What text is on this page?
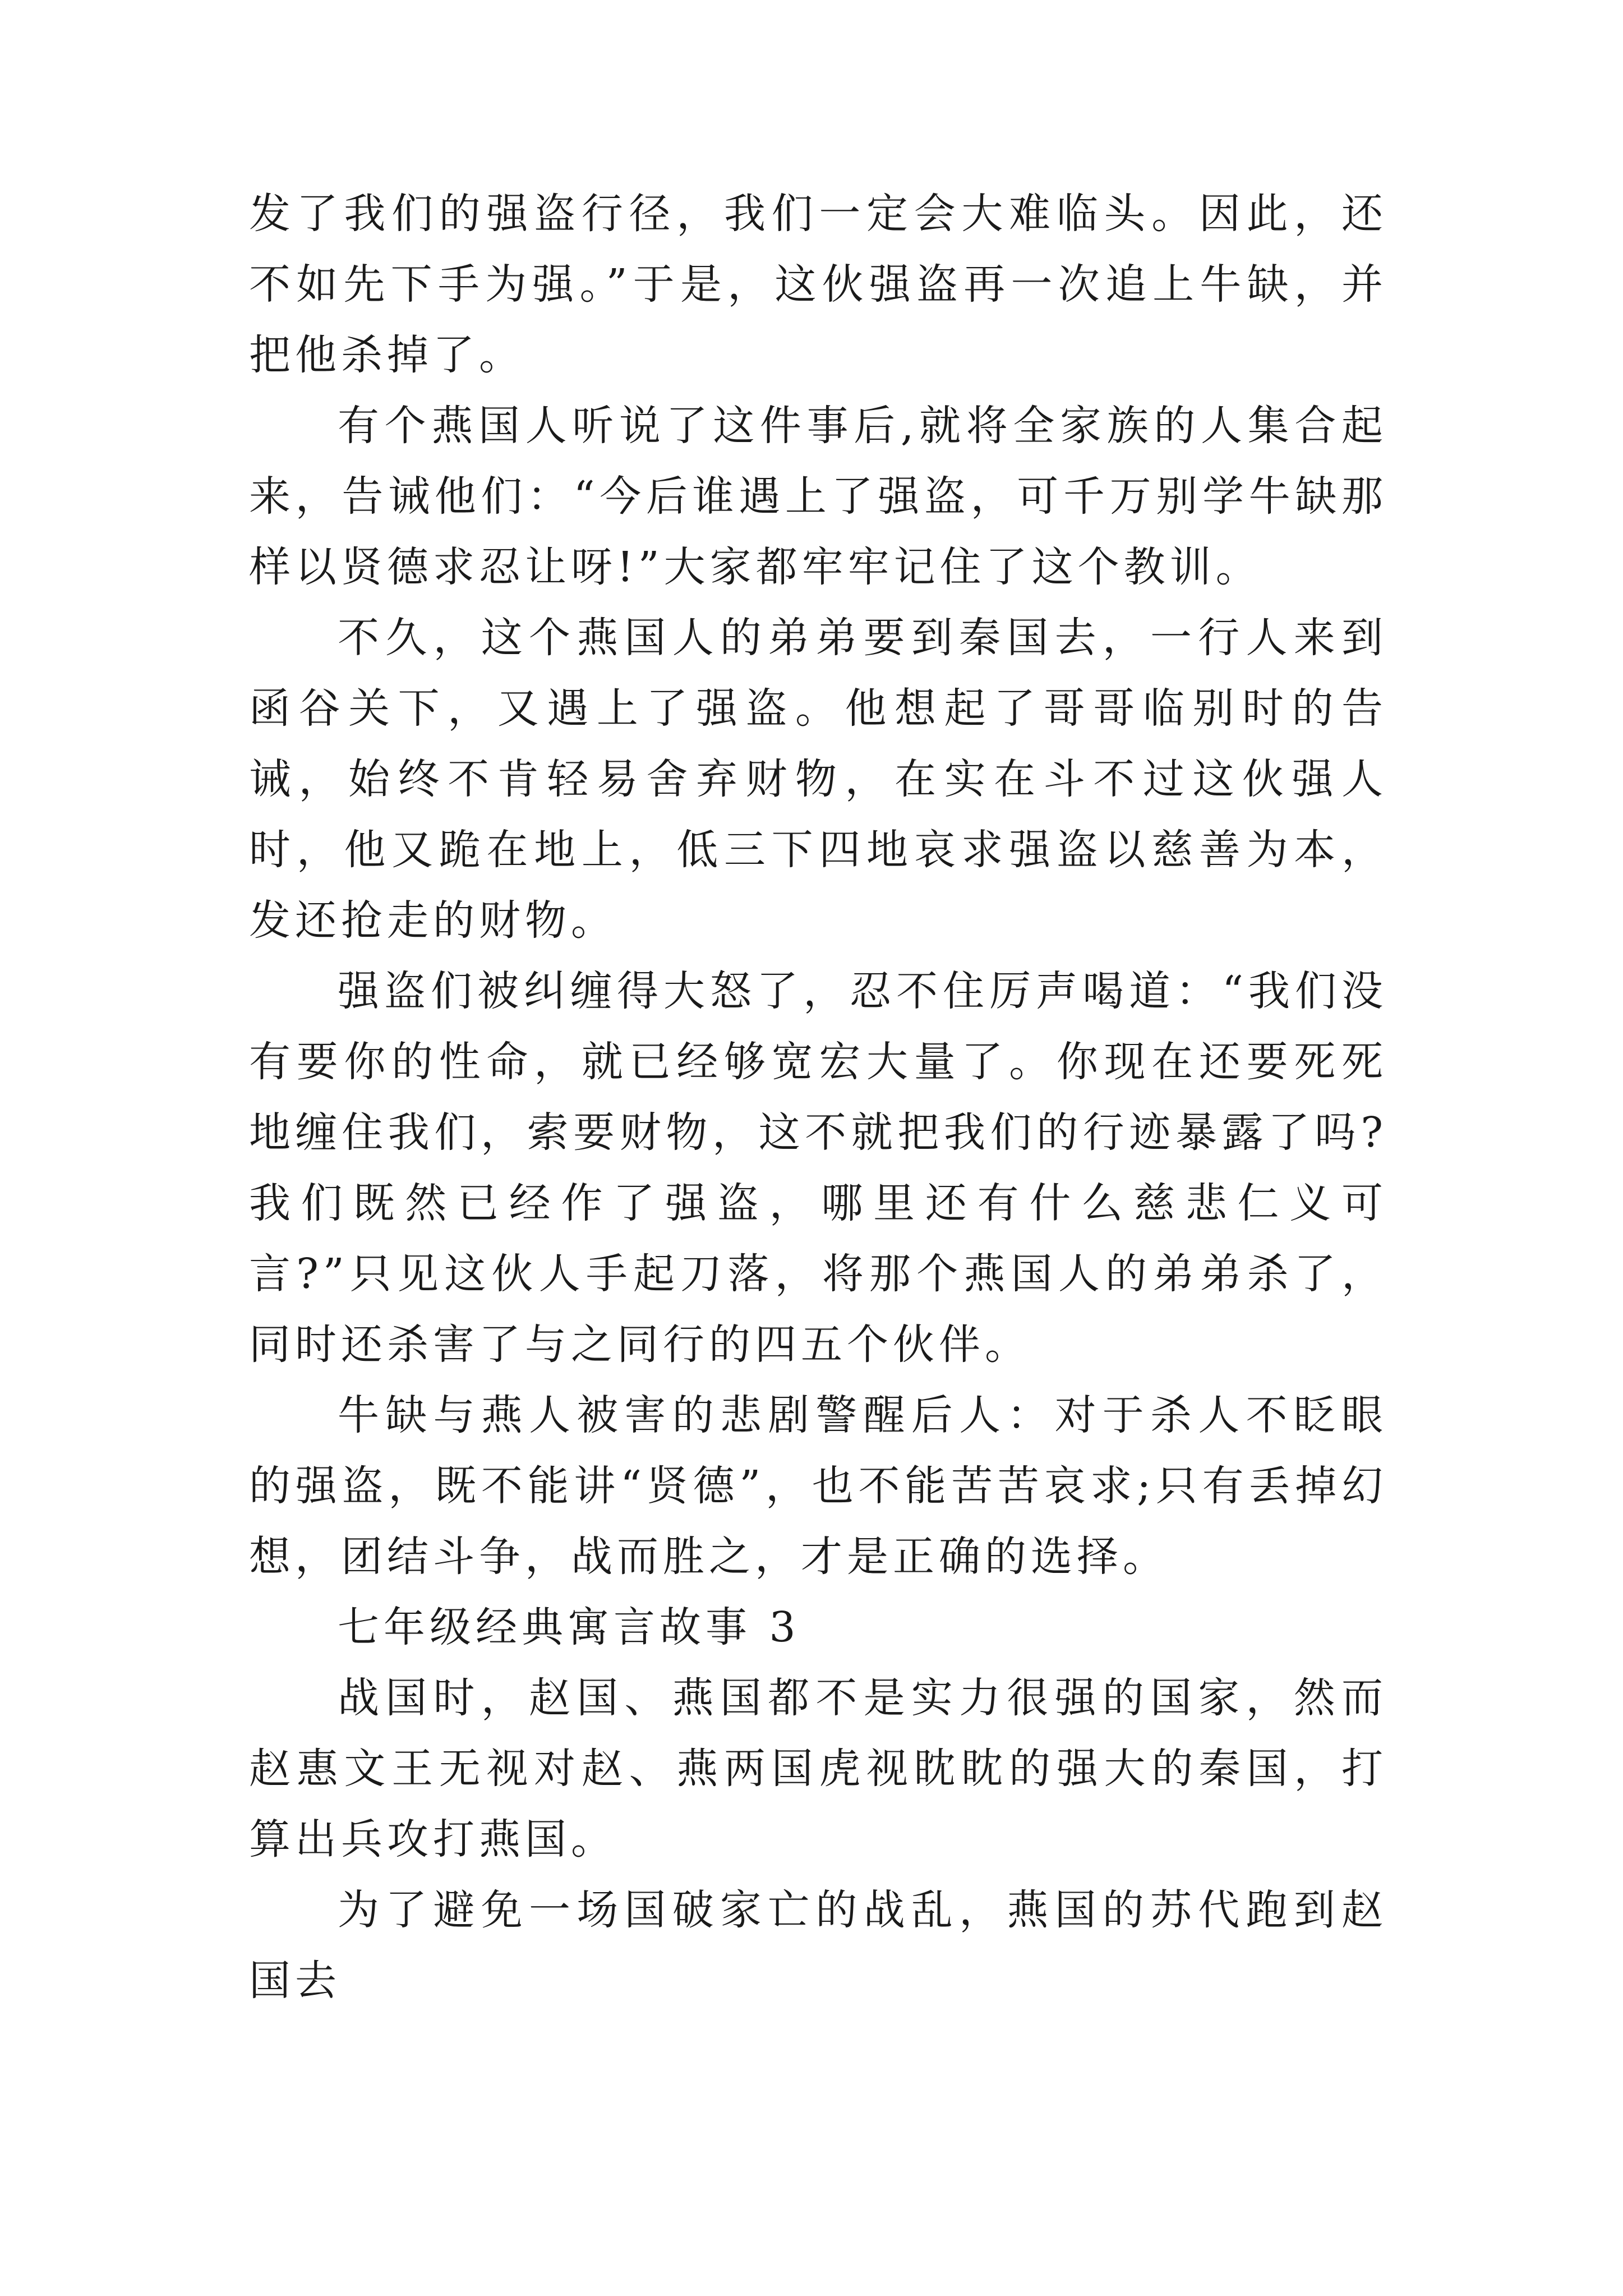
发了我们的强盗行径，我们一定会大难临头。因此，还不如先下手为强。”于是，这伙强盗再一次追上牛缺，并把他杀掉了。

有个燕国人听说了这件事后,就将全家族的人集合起来，告诫他们：“今后谁遇上了强盗，可千万别学牛缺那样以贤德求忍让呀!”大家都牢牢记住了这个教训。

不久，这个燕国人的弟弟要到秦国去，一行人来到函谷关下，又遇上了强盗。他想起了哥哥临别时的告诫，始终不肯轻易舍弃财物，在实在斗不过这伙强人时，他又跪在地上，低三下四地哀求强盗以慈善为本，发还抢走的财物。

强盗们被纠缠得大怒了，忍不住厉声喝道：“我们没有要你的性命，就已经够宽宏大量了。你现在还要死死地缠住我们，索要财物，这不就把我们的行迹暴露了吗?我们既然已经作了强盗，哪里还有什么慈悲仁义可言?”只见这伙人手起刀落，将那个燕国人的弟弟杀了，同时还杀害了与之同行的四五个伙伴。

牛缺与燕人被害的悲剧警醒后人：对于杀人不眨眼的强盗，既不能讲“贤德”，也不能苦苦哀求;只有丢掉幻想，团结斗争，战而胜之，才是正确的选择。

七年级经典寓言故事 3

战国时，赵国、燕国都不是实力很强的国家，然而赵惠文王无视对赵、燕两国虎视眈眈的强大的秦国，打算出兵攻打燕国。

为了避免一场国破家亡的战乱，燕国的苏代跑到赵国去
